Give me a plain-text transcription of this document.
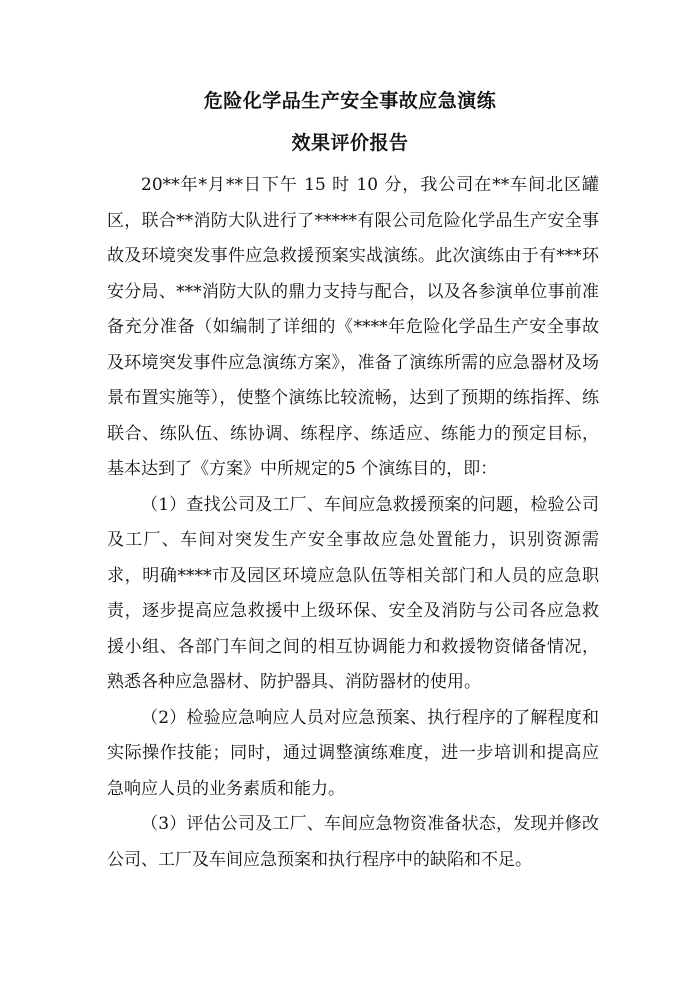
危险化学品生产安全事故应急演练
效果评价报告

20**年*月**日下午 15 时 10 分，我公司在**车间北区罐区，联合**消防大队进行了*****有限公司危险化学品生产安全事故及环境突发事件应急救援预案实战演练。此次演练由于有***环安分局、***消防大队的鼎力支持与配合，以及各参演单位事前准备充分准备（如编制了详细的《****年危险化学品生产安全事故及环境突发事件应急演练方案》，准备了演练所需的应急器材及场景布置实施等），使整个演练比较流畅，达到了预期的练指挥、练联合、练队伍、练协调、练程序、练适应、练能力的预定目标，基本达到了《方案》中所规定的5 个演练目的，即：

（1）查找公司及工厂、车间应急救援预案的问题，检验公司及工厂、车间对突发生产安全事故应急处置能力，识别资源需求，明确****市及园区环境应急队伍等相关部门和人员的应急职责，逐步提高应急救援中上级环保、安全及消防与公司各应急救援小组、各部门车间之间的相互协调能力和救援物资储备情况，熟悉各种应急器材、防护器具、消防器材的使用。

（2）检验应急响应人员对应急预案、执行程序的了解程度和实际操作技能；同时，通过调整演练难度，进一步培训和提高应急响应人员的业务素质和能力。

（3）评估公司及工厂、车间应急物资准备状态，发现并修改公司、工厂及车间应急预案和执行程序中的缺陷和不足。
